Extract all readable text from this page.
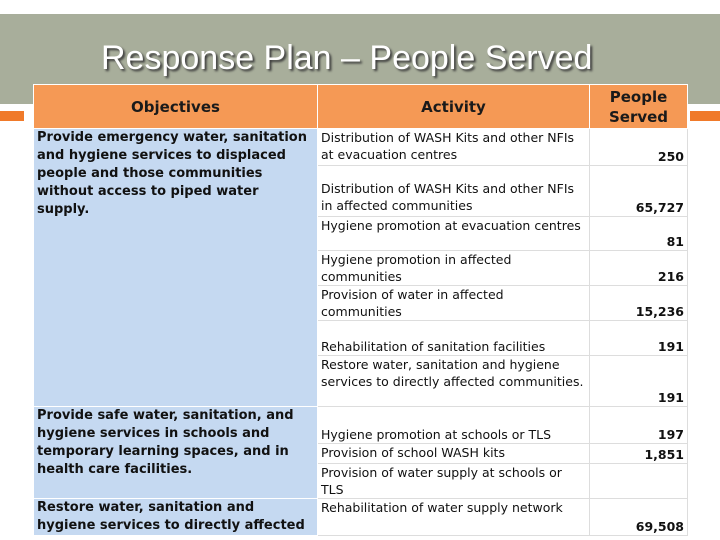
Response Plan – People Served
Objectives	Activity	People Served
Provide emergency water, sanitation and hygiene services to displaced people and those communities without access to piped water supply.	Distribution of WASH Kits and other NFIs at evacuation centres	250
	Distribution of WASH Kits and other NFIs in affected communities	65,727
	Hygiene promotion at evacuation centres	81
	Hygiene promotion in affected communities	216
	Provision of water in affected communities	15,236
	Rehabilitation of sanitation facilities	191
	Restore water, sanitation and hygiene services to directly affected communities.	191
Provide safe water, sanitation, and hygiene services in schools and temporary learning spaces, and in health care facilities.	Hygiene promotion at schools or TLS	197
	Provision of school WASH kits	1,851
	Provision of water supply at schools or TLS	
Restore water, sanitation and hygiene services to directly affected	Rehabilitation of water supply network	69,508
